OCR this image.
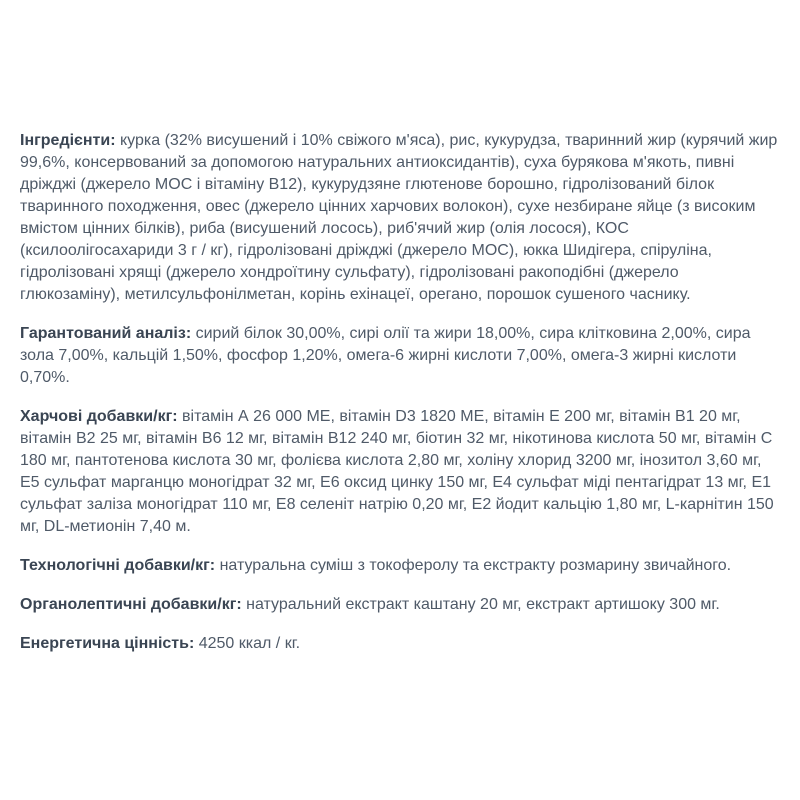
Інгредієнти: курка (32% висушений і 10% свіжого м'яса), рис, кукурудза, тваринний жир (курячий жир 99,6%, консервований за допомогою натуральних антиоксидантів), суха бурякова м'якоть, пивні дріжджі (джерело МОС і вітаміну В12), кукурудзяне глютенове борошно, гідролізований білок тваринного походження, овес (джерело цінних харчових волокон), сухе незбиране яйце (з високим вмістом цінних білків), риба (висушений лосось), риб'ячий жир (олія лосося), КОС (ксилоолігосахариди 3 г / кг), гідролізовані дріжджі (джерело МОС), юкка Шидігера, спіруліна, гідролізовані хрящі (джерело хондроїтину сульфату), гідролізовані ракоподібні (джерело глюкозаміну), метилсульфонілметан, корінь ехінацеї, орегано, порошок сушеного часнику.

Гарантований аналіз: сирий білок 30,00%, сирі олії та жири 18,00%, сира клітковина 2,00%, сира зола 7,00%, кальцій 1,50%, фосфор 1,20%, омега-6 жирні кислоти 7,00%, омега-3 жирні кислоти 0,70%.

Харчові добавки/кг: вітамін А 26 000 МЕ, вітамін D3 1820 МЕ, вітамін Е 200 мг, вітамін В1 20 мг, вітамін В2 25 мг, вітамін В6 12 мг, вітамін В12 240 мг, біотин 32 мг, нікотинова кислота 50 мг, вітамін С 180 мг, пантотенова кислота 30 мг, фолієва кислота 2,80 мг, холіну хлорид 3200 мг, інозитол 3,60 мг, Е5 сульфат марганцю моногідрат 32 мг, Е6 оксид цинку 150 мг, Е4 сульфат міді пентагідрат 13 мг, Е1 сульфат заліза моногідрат 110 мг, Е8 селеніт натрію 0,20 мг, Е2 йодит кальцію 1,80 мг, L-карнітин 150 мг, DL-метионін 7,40 м.

Технологічні добавки/кг: натуральна суміш з токоферолу та екстракту розмарину звичайного.

Органолептичні добавки/кг: натуральний екстракт каштану 20 мг, екстракт артишоку 300 мг.

Енергетична цінність: 4250 ккал / кг.
